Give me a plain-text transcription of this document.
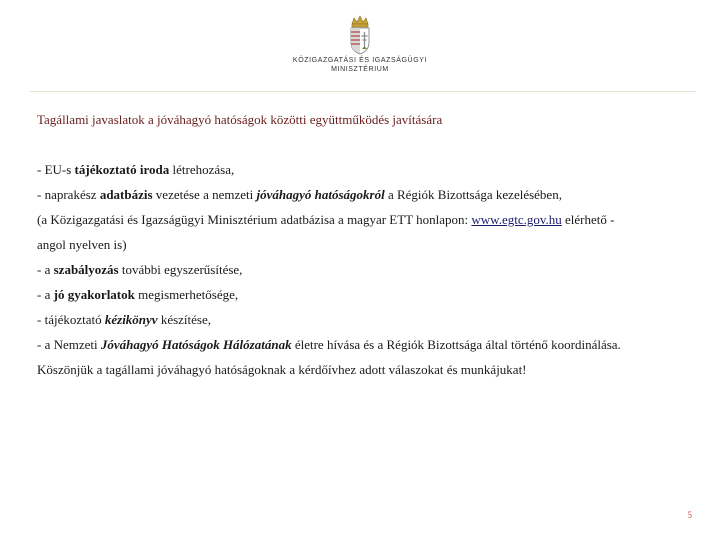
KÖZIGAZGATÁSI ÉS IGAZSÁGÜGYI
MINISZTÉRIUM
Tagállami javaslatok a jóváhagyó hatóságok közötti együttműködés javítására

- EU-s tájékoztató iroda létrehozása,

- naprakész adatbázis vezetése a nemzeti jóváhagyó hatóságokról a Régiók Bizottsága kezelésében,

(a Közigazgatási és Igazságügyi Minisztérium adatbázisa a magyar ETT honlapon: www.egtc.gov.hu elérhető -

angol nyelven is)

- a szabályozás további egyszerűsítése,

- a jó gyakorlatok megismerhetősége,

- tájékoztató kézikönyv készítése,

- a Nemzeti Jóváhagyó Hatóságok Hálózatának életre hívása és a Régiók Bizottsága által történő koordinálása.

Köszönjük a tagállami jóváhagyó hatóságoknak a kérdőívhez adott válaszokat és munkájukat!

5
